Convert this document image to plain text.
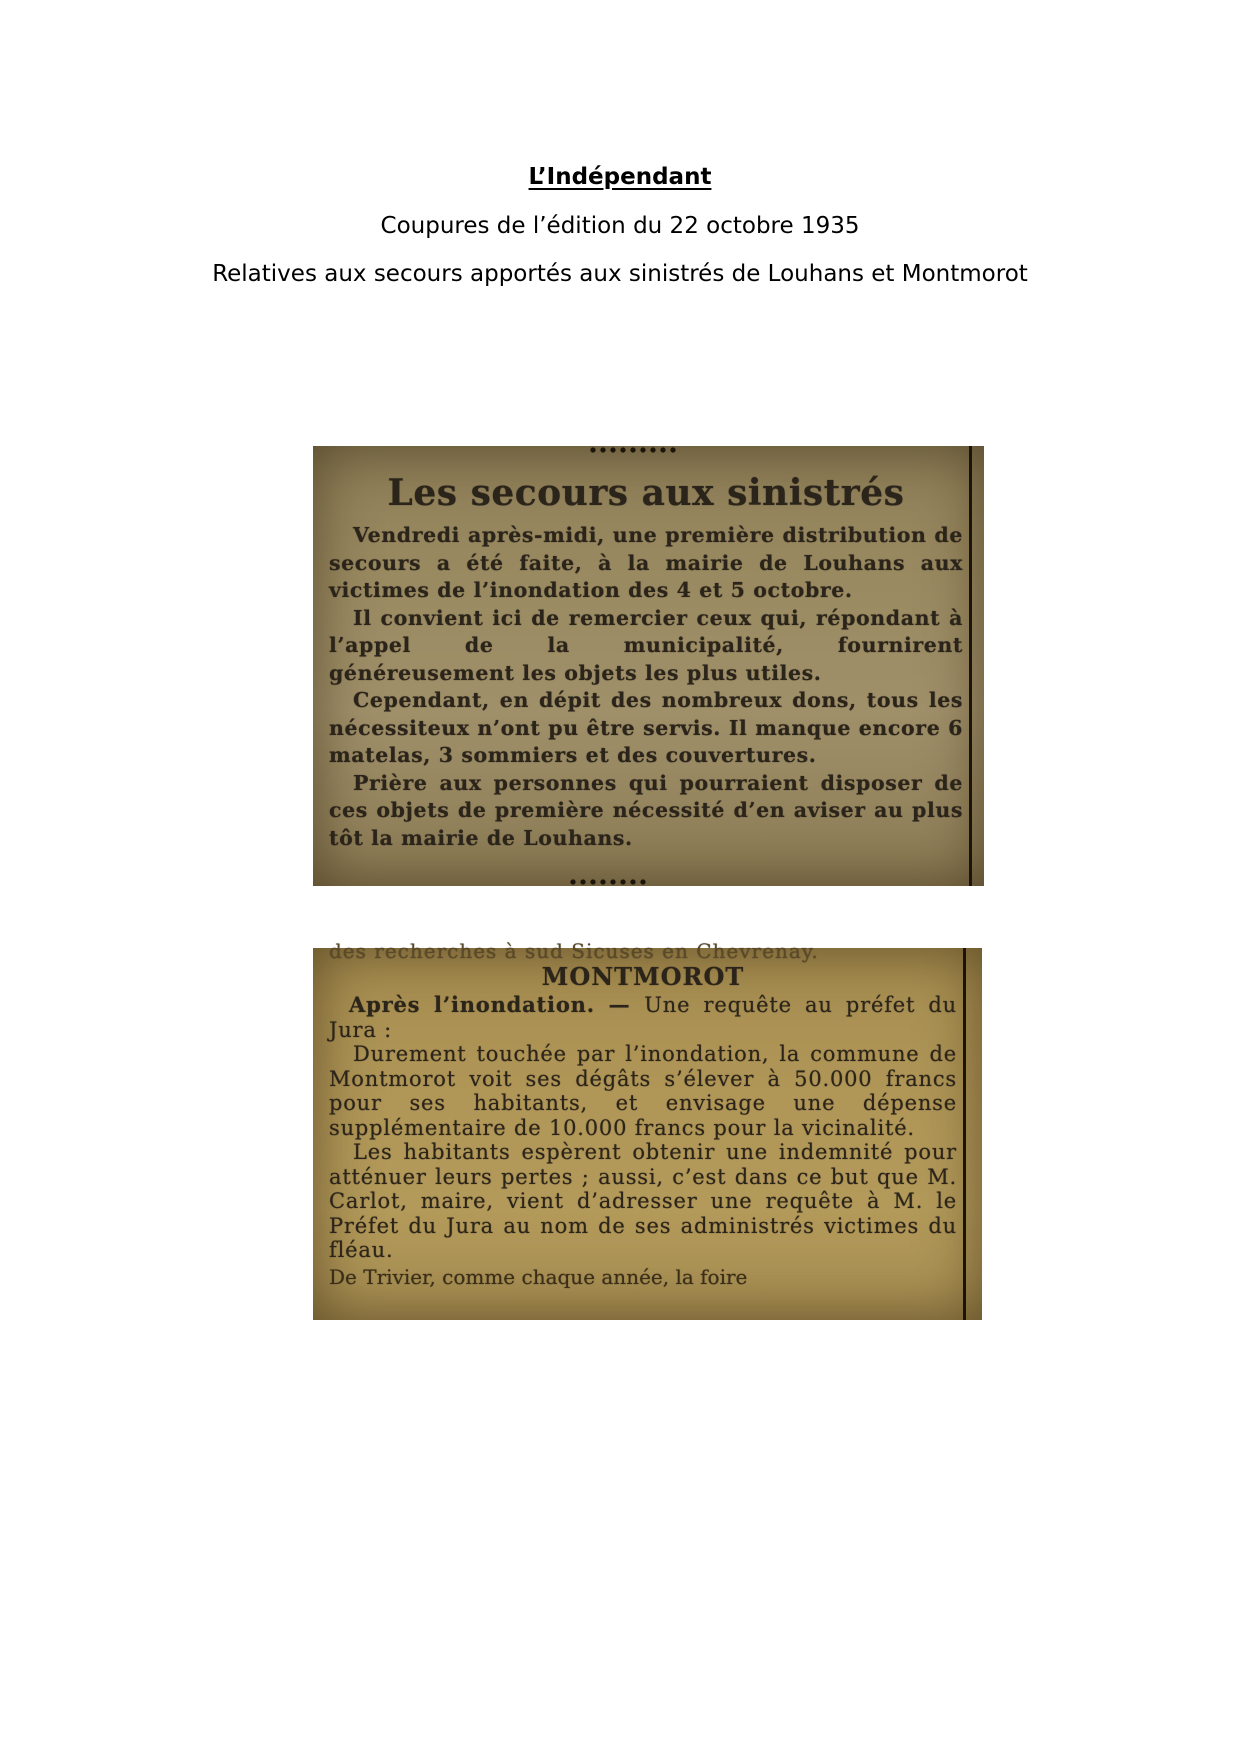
L’Indépendant
Coupures de l’édition du 22 octobre 1935
Relatives aux secours apportés aux sinistrés de Louhans et Montmorot
Les secours aux sinistrés

Vendredi après-midi, une première distribution de secours a été faite, à la mairie de Louhans aux victimes de l’inondation des 4 et 5 octobre.

Il convient ici de remercier ceux qui, répondant à l’appel de la municipalité, fournirent généreusement les objets les plus utiles.

Cependant, en dépit des nombreux dons, tous les nécessiteux n’ont pu être servis. Il manque encore 6 matelas, 3 sommiers et des couvertures.

Prière aux personnes qui pourraient disposer de ces objets de première nécessité d’en aviser au plus tôt la mairie de Louhans.

des recherches à sud Sicuses en Chevrenay.
MONTMOROT

Après l’inondation. — Une requête au préfet du Jura :

Durement touchée par l’inondation, la commune de Montmorot voit ses dégâts s’élever à 50.000 francs pour ses habitants, et envisage une dépense supplémentaire de 10.000 francs pour la vicinalité.

Les habitants espèrent obtenir une indemnité pour atténuer leurs pertes ; aussi, c’est dans ce but que M. Carlot, maire, vient d’adresser une requête à M. le Préfet du Jura au nom de ses administrés victimes du fléau.

De Trivier, comme chaque année, la foire
